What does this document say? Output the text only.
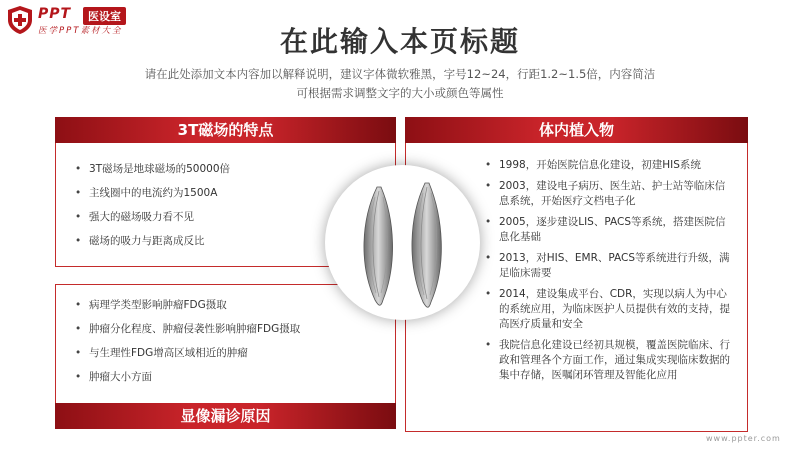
PPT	医设室
医学PPT素材大全	在此输入本页标题
请在此处添加文本内容加以解释说明，建议字体微软雅黑，字号12~24，行距1.2~1.5倍，内容简洁
可根据需求调整文字的大小或颜色等属性
3T磁场的特点
• 3T磁场是地球磁场的50000倍
• 主线圈中的电流约为1500A
• 强大的磁场吸力看不见
• 磁场的吸力与距离成反比
• 病理学类型影响肿瘤FDG摄取
• 肿瘤分化程度、肿瘤侵袭性影响肿瘤FDG摄取
• 与生理性FDG增高区域相近的肿瘤
• 肿瘤大小方面
显像漏诊原因
体内植入物
• 1998，开始医院信息化建设，初建HIS系统
• 2003，建设电子病历、医生站、护士站等临床信息系统，开始医疗文档电子化
• 2005，逐步建设LIS、PACS等系统，搭建医院信息化基础
• 2013，对HIS、EMR、PACS等系统进行升级，满足临床需要
• 2014，建设集成平台、CDR，实现以病人为中心的系统应用，为临床医护人员提供有效的支持，提高医疗质量和安全
• 我院信息化建设已经初具规模，覆盖医院临床、行政和管理各个方面工作，通过集成实现临床数据的集中存储，医嘱闭环管理及智能化应用
www.ppter.com
